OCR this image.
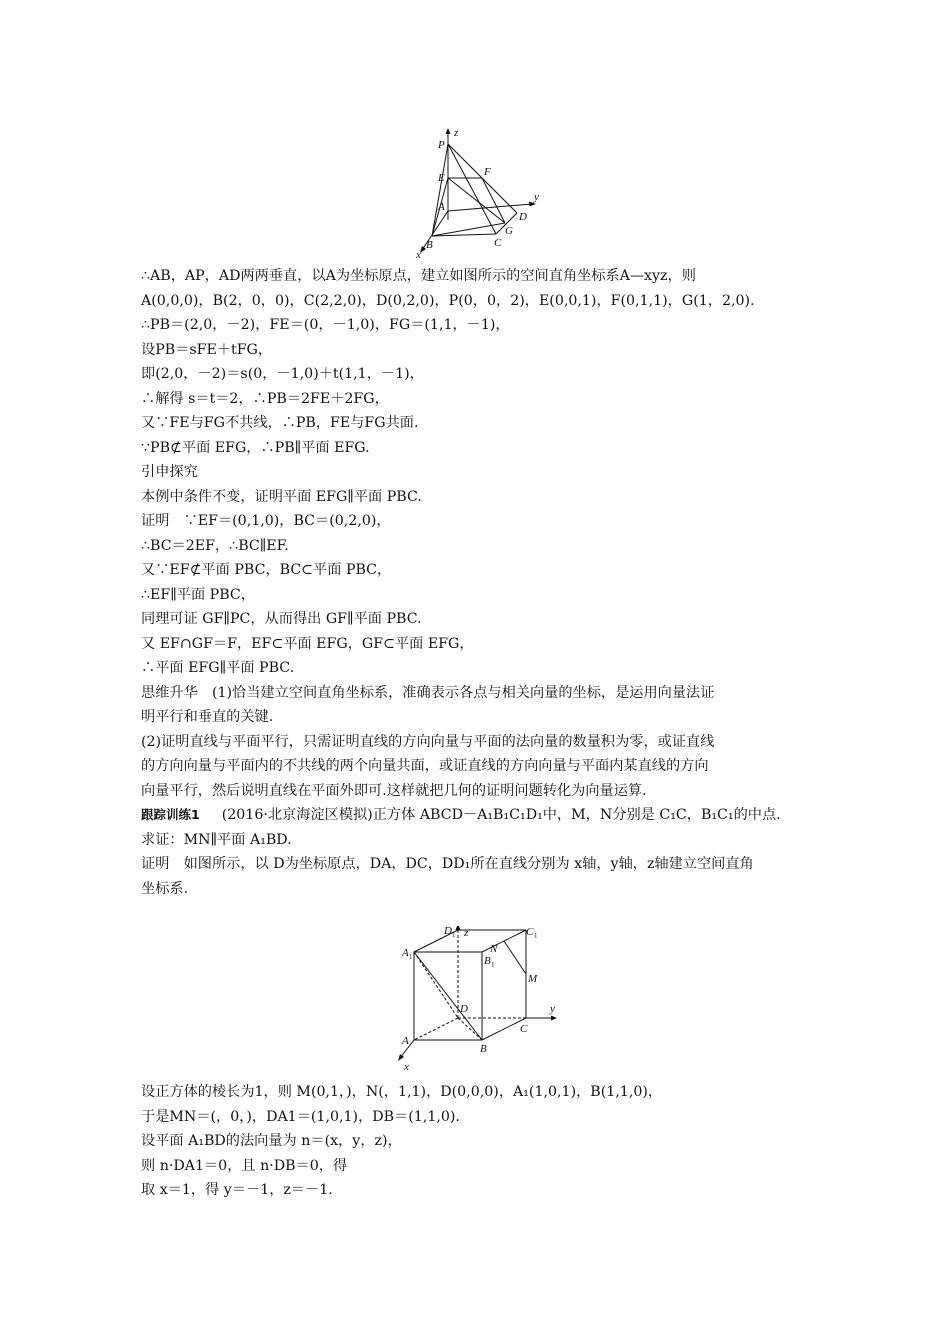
z
y
x
P
E	F
A
D
G
B	C
∴AB，AP，AD两两垂直，以A为坐标原点，建立如图所示的空间直角坐标系A—xyz，则
A(0,0,0)，B(2，0，0)，C(2,2,0)，D(0,2,0)，P(0，0，2)，E(0,0,1)，F(0,1,1)，G(1，2,0).
∴PB＝(2,0，－2)，FE＝(0，－1,0)，FG＝(1,1，－1)，
设PB＝sFE＋tFG，
即(2,0，－2)＝s(0，－1,0)＋t(1,1，－1)，
∴解得 s＝t＝2，∴PB＝2FE＋2FG，
又∵FE与FG不共线，∴PB，FE与FG共面.
∵PB⊄平面 EFG，∴PB∥平面 EFG.
引申探究
本例中条件不变，证明平面 EFG∥平面 PBC.
证明　∵EF＝(0,1,0)，BC＝(0,2,0)，
∴BC＝2EF，∴BC∥EF.
又∵EF⊄平面 PBC，BC⊂平面 PBC，
∴EF∥平面 PBC，
同理可证 GF∥PC，从而得出 GF∥平面 PBC.
又 EF∩GF＝F，EF⊂平面 EFG，GF⊂平面 EFG，
∴平面 EFG∥平面 PBC.
思维升华　(1)恰当建立空间直角坐标系，准确表示各点与相关向量的坐标，是运用向量法证
明平行和垂直的关键.
(2)证明直线与平面平行，只需证明直线的方向向量与平面的法向量的数量积为零，或证直线
的方向向量与平面内的不共线的两个向量共面，或证直线的方向向量与平面内某直线的方向
向量平行，然后说明直线在平面外即可.这样就把几何的证明问题转化为向量运算.
跟踪训练1 (2016·北京海淀区模拟)正方体 ABCD－A₁B₁C₁D₁中，M，N分别是 C₁C，B₁C₁的中点.
求证：MN∥平面 A₁BD.
证明　如图所示，以 D为坐标原点，DA，DC，DD₁所在直线分别为 x轴，y轴，z轴建立空间直角
坐标系.
z
y
x
D 1	C 1
A 1	B 1
N
M
D
C
A
B
设正方体的棱长为1，则 M(0,1，)，N(，1,1)，D(0,0,0)，A₁(1,0,1)，B(1,1,0)，
于是MN＝(，0，)，DA1＝(1,0,1)，DB＝(1,1,0).
设平面 A₁BD的法向量为 n＝(x，y，z)，
则 n·DA1＝0，且 n·DB＝0，得
取 x＝1，得 y＝－1，z＝－1.
